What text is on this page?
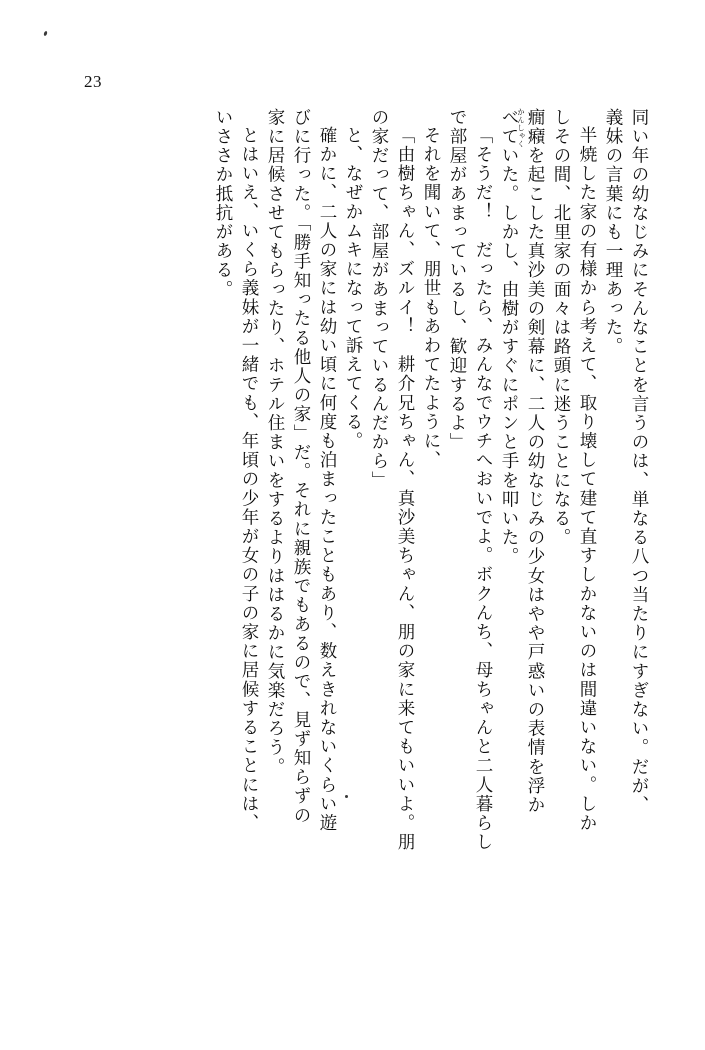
23
同い年の幼なじみにそんなことを言うのは、単なる八つ当たりにすぎない。だが、
義妹の言葉にも一理あった。
半焼した家の有様から考えて、取り壊して建て直すしかないのは間違いない。しか
しその間、北里家の面々は路頭に迷うことになる。
かんしゃく 癇癪を起こした真沙美の剣幕に、二人の幼なじみの少女はやや戸惑いの表情を浮か
べていた。しかし、由樹がすぐにポンと手を叩いた。
「そうだ！　だったら、みんなでウチへおいでよ。ボクんち、母ちゃんと二人暮らし
で部屋があまっているし、歓迎するよ」
それを聞いて、朋世もあわてたように、
「由樹ちゃん、ズルイ！　耕介兄ちゃん、真沙美ちゃん、朋の家に来てもいいよ。朋
の家だって、部屋があまっているんだから」
と、なぜかムキになって訴えてくる。
確かに、二人の家には幼い頃に何度も泊まったこともあり、数えきれないくらい遊
びに行った。「勝手知ったる他人の家」だ。それに親族でもあるので、見ず知らずの
家に居候させてもらったり、ホテル住まいをするよりははるかに気楽だろう。
とはいえ、いくら義妹が一緒でも、年頃の少年が女の子の家に居候することには、
いささか抵抗がある。
